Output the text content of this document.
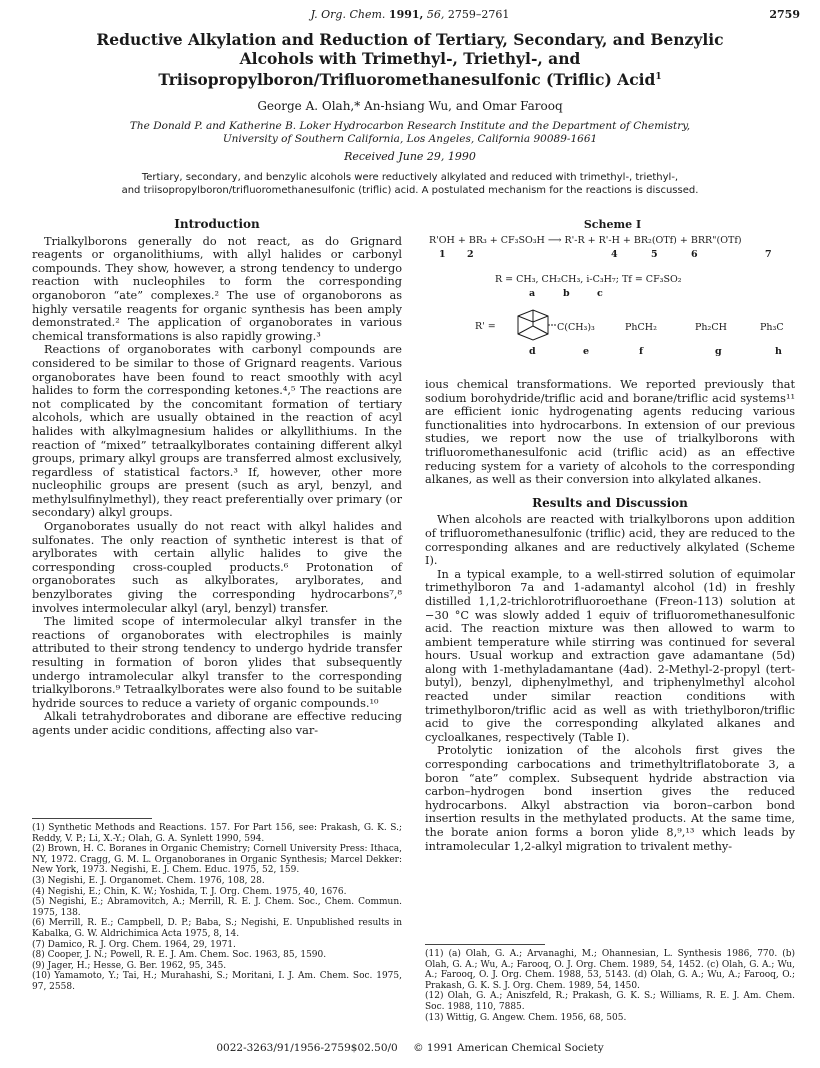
J. Org. Chem. 1991, 56, 2759–2761	2759
Reductive Alkylation and Reduction of Tertiary, Secondary, and Benzylic
Alcohols with Trimethyl-, Triethyl-, and
Triisopropylboron/Trifluoromethanesulfonic (Triflic) Acid$^1$
George A. Olah,* An-hsiang Wu, and Omar Farooq
The Donald P. and Katherine B. Loker Hydrocarbon Research Institute and the Department of Chemistry,
University of Southern California, Los Angeles, California 90089-1661
Received June 29, 1990
Tertiary, secondary, and benzylic alcohols were reductively alkylated and reduced with trimethyl-, triethyl-,
and triisopropylboron/trifluoromethanesulfonic (triflic) acid. A postulated mechanism for the reactions is discussed.
Introduction

Trialkylborons generally do not react, as do Grignard reagents or organolithiums, with allyl halides or carbonyl compounds. They show, however, a strong tendency to undergo reaction with nucleophiles to form the corresponding organoboron “ate” complexes.² The use of organoborons as highly versatile reagents for organic synthesis has been amply demonstrated.² The application of organoborates in various chemical transformations is also rapidly growing.³

Reactions of organoborates with carbonyl compounds are considered to be similar to those of Grignard reagents. Various organoborates have been found to react smoothly with acyl halides to form the corresponding ketones.⁴,⁵ The reactions are not complicated by the concomitant formation of tertiary alcohols, which are usually obtained in the reaction of acyl halides with alkylmagnesium halides or alkyllithiums. In the reaction of “mixed” tetraalkylborates containing different alkyl groups, primary alkyl groups are transferred almost exclusively, regardless of statistical factors.³ If, however, other more nucleophilic groups are present (such as aryl, benzyl, and methylsulfinylmethyl), they react preferentially over primary (or secondary) alkyl groups.

Organoborates usually do not react with alkyl halides and sulfonates. The only reaction of synthetic interest is that of arylborates with certain allylic halides to give the corresponding cross-coupled products.⁶ Protonation of organoborates such as alkylborates, arylborates, and benzylborates giving the corresponding hydrocarbons⁷,⁸ involves intermolecular alkyl (aryl, benzyl) transfer.

The limited scope of intermolecular alkyl transfer in the reactions of organoborates with electrophiles is mainly attributed to their strong tendency to undergo hydride transfer resulting in formation of boron ylides that subsequently undergo intramolecular alkyl transfer to the corresponding trialkylborons.⁹ Tetraalkylborates were also found to be suitable hydride sources to reduce a variety of organic compounds.¹⁰

Alkali tetrahydroborates and diborane are effective reducing agents under acidic conditions, affecting also var-

(1) Synthetic Methods and Reactions. 157. For Part 156, see: Prakash, G. K. S.; Reddy, V. P.; Li, X.-Y.; Olah, G. A. Synlett 1990, 594.

(2) Brown, H. C. Boranes in Organic Chemistry; Cornell University Press: Ithaca, NY, 1972. Cragg, G. M. L. Organoboranes in Organic Synthesis; Marcel Dekker: New York, 1973. Negishi, E. J. Chem. Educ. 1975, 52, 159.

(3) Negishi, E. J. Organomet. Chem. 1976, 108, 28.

(4) Negishi, E.; Chin, K. W.; Yoshida, T. J. Org. Chem. 1975, 40, 1676.

(5) Negishi, E.; Abramovitch, A.; Merrill, R. E. J. Chem. Soc., Chem. Commun. 1975, 138.

(6) Merrill, R. E.; Campbell, D. P.; Baba, S.; Negishi, E. Unpublished results in Kabalka, G. W. Aldrichimica Acta 1975, 8, 14.

(7) Damico, R. J. Org. Chem. 1964, 29, 1971.

(8) Cooper, J. N.; Powell, R. E. J. Am. Chem. Soc. 1963, 85, 1590.

(9) Jager, H.; Hesse, G. Ber. 1962, 95, 345.

(10) Yamamoto, Y.; Tai, H.; Murahashi, S.; Moritani, I. J. Am. Chem. Soc. 1975, 97, 2558.

Scheme I
R'OH + BR₃ + CF₃SO₃H ⟶ R'-R + R'-H + BR₂(OTf) + BRR"(OTf)
1 2	4	5	6	7
R = CH₃, CH₂CH₃, i-C₃H₇; Tf = CF₃SO₂
a	b	c
R' =	C(CH₃)₃	PhCH₂	Ph₂CH	Ph₃C
d	e	f	g	h

ious chemical transformations. We reported previously that sodium borohydride/triflic acid and borane/triflic acid systems¹¹ are efficient ionic hydrogenating agents reducing various functionalities into hydrocarbons. In extension of our previous studies, we report now the use of trialkylborons with trifluoromethanesulfonic acid (triflic acid) as an effective reducing system for a variety of alcohols to the corresponding alkanes, as well as their conversion into alkylated alkanes.

Results and Discussion

When alcohols are reacted with trialkylborons upon addition of trifluoromethanesulfonic (triflic) acid, they are reduced to the corresponding alkanes and are reductively alkylated (Scheme I).

In a typical example, to a well-stirred solution of equimolar trimethylboron 7a and 1-adamantyl alcohol (1d) in freshly distilled 1,1,2-trichlorotrifluoroethane (Freon-113) solution at −30 °C was slowly added 1 equiv of trifluoromethanesulfonic acid. The reaction mixture was then allowed to warm to ambient temperature while stirring was continued for several hours. Usual workup and extraction gave adamantane (5d) along with 1-methyladamantane (4ad). 2-Methyl-2-propyl (tert-butyl), benzyl, diphenylmethyl, and triphenylmethyl alcohol reacted under similar reaction conditions with trimethylboron/triflic acid as well as with triethylboron/triflic acid to give the corresponding alkylated alkanes and cycloalkanes, respectively (Table I).

Protolytic ionization of the alcohols first gives the corresponding carbocations and trimethyltriflatoborate 3, a boron “ate” complex. Subsequent hydride abstraction via carbon–hydrogen bond insertion gives the reduced hydrocarbons. Alkyl abstraction via boron–carbon bond insertion results in the methylated products. At the same time, the borate anion forms a boron ylide 8,⁹,¹³ which leads by intramolecular 1,2-alkyl migration to trivalent methy-

(11) (a) Olah, G. A.; Arvanaghi, M.; Ohannesian, L. Synthesis 1986, 770. (b) Olah, G. A.; Wu, A.; Farooq, O. J. Org. Chem. 1989, 54, 1452. (c) Olah, G. A.; Wu, A.; Farooq, O. J. Org. Chem. 1988, 53, 5143. (d) Olah, G. A.; Wu, A.; Farooq, O.; Prakash, G. K. S. J. Org. Chem. 1989, 54, 1450.

(12) Olah, G. A.; Aniszfeld, R.; Prakash, G. K. S.; Williams, R. E. J. Am. Chem. Soc. 1988, 110, 7885.

(13) Wittig, G. Angew. Chem. 1956, 68, 505.

0022-3263/91/1956-2759$02.50/0 © 1991 American Chemical Society
